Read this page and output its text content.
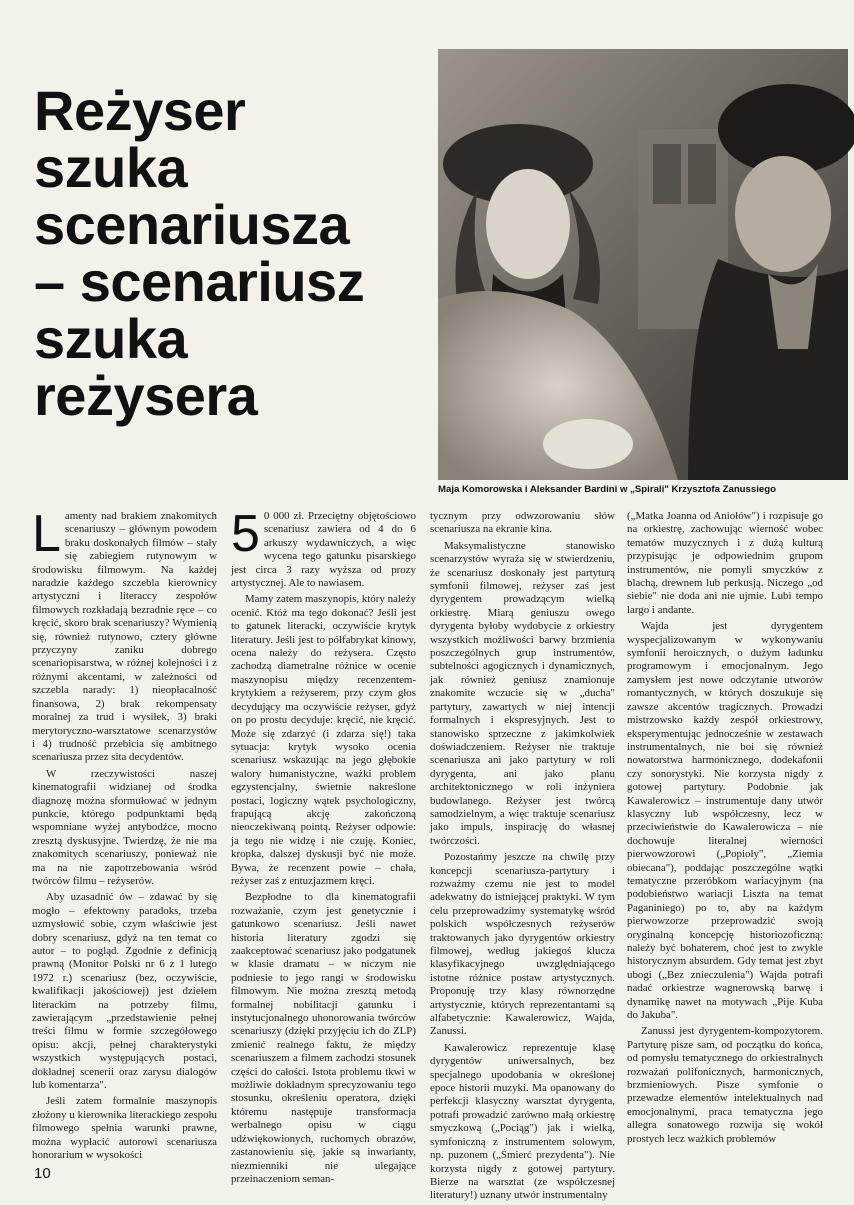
Reżyser
szuka
scenariusza
– scenariusz
szuka
reżysera
Maja Komorowska i Aleksander Bardini w „Spirali" Krzysztofa Zanussiego

Lamenty nad brakiem znakomitych scenariuszy – głównym powodem braku doskonałych filmów – stały się zabiegiem rutynowym w środowisku filmowym. Na każdej naradzie każdego szczebla kierownicy artystyczni i literaccy zespołów filmowych rozkładają bezradnie ręce – co kręcić, skoro brak scenariuszy? Wymienią się, również rutynowo, cztery główne przyczyny zaniku dobrego scenariopisarstwa, w różnej kolejności i z różnymi akcentami, w zależności od szczebla narady: 1) nieopłacalność finansowa, 2) brak rekompensaty moralnej za trud i wysiłek, 3) braki merytoryczno-warsztatowe scenarzystów i 4) trudność przebicia się ambitnego scenariusza przez sita decydentów.

W rzeczywistości naszej kinematografii widzianej od środka diagnozę można sformułować w jednym punkcie, którego podpunktami będą wspomniane wyżej antybodźce, mocno zresztą dyskusyjne. Twierdzę, że nie ma znakomitych scenariuszy, ponieważ nie ma na nie zapotrzebowania wśród twórców filmu – reżyserów.

Aby uzasadnić ów – zdawać by się mogło – efektowny paradoks, trzeba uzmysłowić sobie, czym właściwie jest dobry scenariusz, gdyż na ten temat co autor – to pogląd. Zgodnie z definicją prawną (Monitor Polski nr 6 z 1 lutego 1972 r.) scenariusz (bez, oczywiście, kwalifikacji jakościowej) jest dziełem literackim na potrzeby filmu, zawierającym „przedstawienie pełnej treści filmu w formie szczegółowego opisu: akcji, pełnej charakterystyki wszystkich występujących postaci, dokładnej scenerii oraz zarysu dialogów lub komentarza".

Jeśli zatem formalnie maszynopis złożony u kierownika literackiego zespołu filmowego spełnia warunki prawne, można wypłacić autorowi scenariusza honorarium w wysokości

50 000 zł. Przeciętny objętościowo scenariusz zawiera od 4 do 6 arkuszy wydawniczych, a więc wycena tego gatunku pisarskiego jest circa 3 razy wyższa od prozy artystycznej. Ale to nawiasem.

Mamy zatem maszynopis, który należy ocenić. Któż ma tego dokonać? Jeśli jest to gatunek literacki, oczywiście krytyk literatury. Jeśli jest to półfabrykat kinowy, ocena należy do reżysera. Często zachodzą diametralne różnice w ocenie maszynopisu między recenzentem-krytykiem a reżyserem, przy czym głos decydujący ma oczywiście reżyser, gdyż on po prostu decyduje: kręcić, nie kręcić. Może się zdarzyć (i zdarza się!) taka sytuacja: krytyk wysoko ocenia scenariusz wskazując na jego głębokie walory humanistyczne, ważki problem egzystencjalny, świetnie nakreślone postaci, logiczny wątek psychologiczny, frapującą akcję zakończoną nieoczekiwaną pointą. Reżyser odpowie: ja tego nie widzę i nie czuję. Koniec, kropka, dalszej dyskusji być nie może. Bywa, że recenzent powie – chała, reżyser zaś z entuzjazmem kręci.

Bezpłodne to dla kinematografii rozważanie, czym jest genetycznie i gatunkowo scenariusz. Jeśli nawet historia literatury zgodzi się zaakceptować scenariusz jako podgatunek w klasie dramatu – w niczym nie podniesie to jego rangi w środowisku filmowym. Nie można zresztą metodą formalnej nobilitacji gatunku i instytucjonalnego uhonorowania twórców scenariuszy (dzięki przyjęciu ich do ZLP) zmienić realnego faktu, że między scenariuszem a filmem zachodzi stosunek części do całości. Istota problemu tkwi w możliwie dokładnym sprecyzowaniu tego stosunku, określeniu operatora, dzięki któremu następuje transformacja werbalnego opisu w ciągu udźwiękowionych, ruchomych obrazów, zastanowieniu się, jakie są inwarianty, niezmienniki nie ulegające przeinaczeniom seman-

tycznym przy odwzorowaniu słów scenariusza na ekranie kina.

Maksymalistyczne stanowisko scenarzystów wyraża się w stwierdzeniu, że scenariusz doskonały jest partyturą symfonii filmowej, reżyser zaś jest dyrygentem prowadzącym wielką orkiestrę. Miarą geniuszu owego dyrygenta byłoby wydobycie z orkiestry wszystkich możliwości barwy brzmienia poszczególnych grup instrumentów, subtelności agogicznych i dynamicznych, jak również geniusz znamionuje znakomite wczucie się w „ducha" partytury, zawartych w niej intencji formalnych i ekspresyjnych. Jest to stanowisko sprzeczne z jakimkolwiek doświadczeniem. Reżyser nie traktuje scenariusza ani jako partytury w roli dyrygenta, ani jako planu architektonicznego w roli inżyniera budowlanego. Reżyser jest twórcą samodzielnym, a więc traktuje scenariusz jako impuls, inspirację do własnej twórczości.

Pozostańmy jeszcze na chwilę przy koncepcji scenariusza-partytury i rozważmy czemu nie jest to model adekwatny do istniejącej praktyki. W tym celu przeprowadzimy systematykę wśród polskich współczesnych reżyserów traktowanych jako dyrygentów orkiestry filmowej, według jakiegoś klucza klasyfikacyjnego uwzględniającego istotne różnice postaw artystycznych. Proponuję trzy klasy równorzędne artystycznie, których reprezentantami są alfabetycznie: Kawalerowicz, Wajda, Zanussi.

Kawalerowicz reprezentuje klasę dyrygentów uniwersalnych, bez specjalnego upodobania w określonej epoce historii muzyki. Ma opanowany do perfekcji klasyczny warsztat dyrygenta, potrafi prowadzić zarówno małą orkiestrę smyczkową („Pociąg") jak i wielką, symfoniczną z instrumentem solowym, np. puzonem („Śmierć prezydenta"). Nie korzysta nigdy z gotowej partytury. Bierze na warsztat (ze współczesnej literatury!) uznany utwór instrumentalny

(„Matka Joanna od Aniołów") i rozpisuje go na orkiestrę, zachowując wierność wobec tematów muzycznych i z dużą kulturą przypisując je odpowiednim grupom instrumentów, nie pomyli smyczków z blachą, drewnem lub perkusją. Niczego „od siebie" nie doda ani nie ujmie. Lubi tempo largo i andante.

Wajda jest dyrygentem wyspecjalizowanym w wykonywaniu symfonii heroicznych, o dużym ładunku programowym i emocjonalnym. Jego zamysłem jest nowe odczytanie utworów romantycznych, w których doszukuje się zawsze akcentów tragicznych. Prowadzi mistrzowsko każdy zespół orkiestrowy, eksperymentując jednocześnie w zestawach instrumentalnych, nie boi się również nowatorstwa harmonicznego, dodekafonii czy sonorystyki. Nie korzysta nigdy z gotowej partytury. Podobnie jak Kawalerowicz – instrumentuje dany utwór klasyczny lub współczesny, lecz w przeciwieństwie do Kawalerowicza – nie dochowuje literalnej wierności pierwowzorowi („Popioły", „Ziemia obiecana"), poddając poszczególne wątki tematyczne przeróbkom wariacyjnym (na podobieństwo wariacji Liszta na temat Paganiniego) po to, aby na każdym pierwowzorze przeprowadzić swoją oryginalną koncepcję historiozoficzną: należy być bohaterem, choć jest to zwykle historycznym absurdem. Gdy temat jest zbyt ubogi („Bez znieczulenia") Wajda potrafi nadać orkiestrze wagnerowską barwę i dynamikę nawet na motywach „Pije Kuba do Jakuba".

Zanussi jest dyrygentem-kompozytorem. Partyturę pisze sam, od początku do końca, od pomysłu tematycznego do orkiestralnych rozważań polifonicznych, harmonicznych, brzmieniowych. Pisze symfonie o przewadze elementów intelektualnych nad emocjonalnymi, praca tematyczna jego allegra sonatowego rozwija się wokół prostych lecz ważkich problemów

10
